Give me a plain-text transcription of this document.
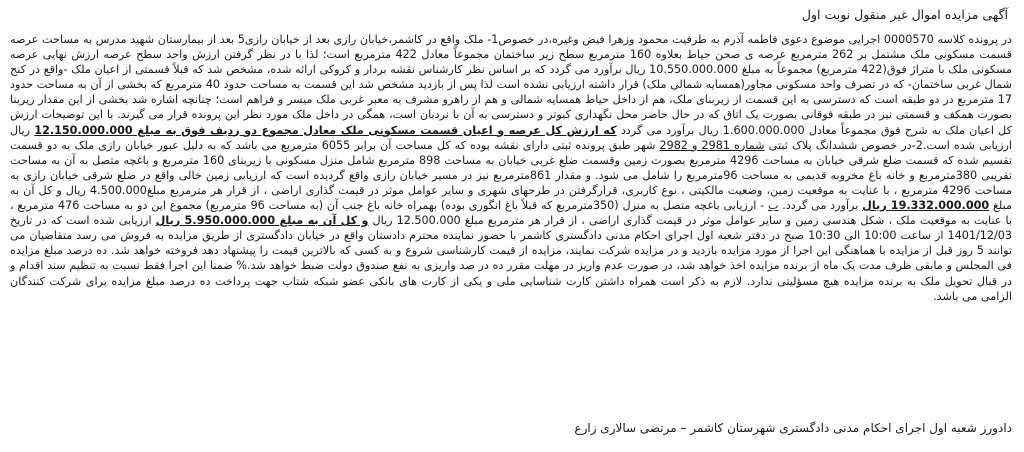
آگهی مزایده اموال غیر منقول نوبت اول

در پرونده کلاسه 0000570 اجرایی موضوع دعوی فاطمه آذرم به طرفیت محمود وزهرا فیض وغیره،در خصوص1- ملک واقع در کاشمر،خیابان رازی بعد از خیابان رازی5 بعد از بیمارستان شهید مدرس به مساحت عرصه قسمت مسکونی ملک مشتمل بر 262 مترمربع عرصه ی صحن حیاط بعلاوه 160 مترمربع سطح زیر ساختمان مجموعاً معادل 422 مترمربع است؛ لذا با در نظر گرفتن ارزش واحد سطح عرصه ارزش نهایی عرصه مسکونی ملک با متراژ فوق(422 مترمربع) مجموعاً به مبلغ 10.550.000.000 ریال برآورد می گردد که بر اساس نظر کارشناس نقشه بردار و کروکی ارائه شده، مشخص شد که قبلاً قسمتی از اعیان ملک -واقع در کنج شمال غربی ساختمان- که در تصرف واحد مسکونی مجاور(همسایه شمالی ملک) قرار داشته ارزیابی نشده است لذا پس از بازدید مشخص شد این قسمت به مساحت حدود 40 مترمربع که بخشی از آن به مساحت حدود 17 مترمربع در دو طبقه است که دسترسی به این قسمت از زیربنای ملک، هم از داخل حیاط همسایه شمالی و هم از راهرو مشرف به معبر غربی ملک میسر و فراهم است؛ چنانچه اشاره شد بخشی از این مقدار زیربنا بصورت همکف و قسمتی نیز در طبقه فوقانی بصورت یک اتاق که در حال حاضر محل نگهداری کبوتر و دسترسی به آن با نردبان است، همگی در داخل ملک مورد نظر این پرونده قرار می گیرند. با این توضیحات ارزش کل اعیان ملک به شرح فوق مجموعاً معادل 1.600.000.000 ریال برآورد می گردد که ارزش کل عرصه و اعیان قسمت مسکونی ملک معادل مجموع دو ردیف فوق به مبلغ 12.150.000.000 ریال ارزیابی شده است.2-در خصوص ششدانگ پلاک ثبتی شماره 2981 و 2982 شهر طبق پرونده ثبتی دارای نقشه بوده که کل مساحت آن برابر 6055 مترمربع می باشد که به دلیل عبور خیابان رازی ملک به دو قسمت تقسیم شده که قسمت ضلع شرقی خیابان به مساحت 4296 مترمربع بصورت زمین وقسمت ضلع غربی خیابان به مساحت 898 مترمربع شامل منزل مسکونی با زیربنای 160 مترمربع و باغچه متصل به آن به مساحت تقریبی 380مترمربع و خانه باغ مخروبه قدیمی به مساحت 96مترمربع را شامل می شود. و مقدار 861مترمربع نیز در مسیر خیابان رازی واقع گردیده است که ارزیابی زمین خالی واقع در ضلع شرقی خیابان رازی به مساحت 4296 مترمربع ، با عنایت به موقعیت زمین، وضعیت مالکیتی ، نوع کاربری، قرارگرفتن در طرحهای شهری و سایر عوامل موثر در قیمت گذاری اراضی ، از قرار هر مترمربع مبلغ4.500.000 ریال و کل آن به مبلغ 19.332.000.000 ریال برآورد می گردد. ب - ارزیابی باغچه متصل به منزل (350مترمربع که قبلاً باغ انگوری بوده) بهمراه خانه باغ جنب آن (به مساحت 96 مترمربع) مجموع این دو به مساحت 476 مترمربع ، با عنایت به موقعیت ملک ، شکل هندسی زمین و سایر عوامل موثر در قیمت گذاری اراضی ، از قرار هر مترمربع مبلغ 12.500.000 ریال و کل آن به مبلغ 5.950.000.000 ریال ارزیابی شده است که در تاریخ 1401/12/03 از ساعت 10:00 الی 10:30 صبح در دفتر شعبه اول اجرای احکام مدنی دادگستری کاشمر با حضور نماینده محترم دادستان واقع در خیابان دادگستری از طریق مزایده به فروش می رسد متقاضیان می توانند 5 روز قبل از مزایده با هماهنگی این اجرا از مورد مزایده بازدید و در مزایده شرکت نمایند، مزایده از قیمت کارشناسی شروع و به کسی که بالاترین قیمت را پیشنهاد دهد فروخته خواهد شد. ده درصد مبلغ مزایده فی المجلس و مابقی ظرف مدت یک ماه از برنده مزایده اخذ خواهد شد، در صورت عدم واریز در مهلت مقرر ده در صد واریزی به نفع صندوق دولت ضبط خواهد شد.% ضمنا این اجرا فقط نسبت به تنظیم سند اقدام و در قبال تحویل ملک به برنده مزایده هیچ مسؤلیتی ندارد. لازم به ذکر است همراه داشتن کارت شناسایی ملی و یکی از کارت های بانکی عضو شبکه شتاب جهت پرداخت ده درصد مبلغ مزایده برای شرکت کنندگان الزامی می باشد.

دادورز شعبه اول اجرای احکام مدنی دادگستری شهرستان کاشمر – مرتضی سالاری زارع
